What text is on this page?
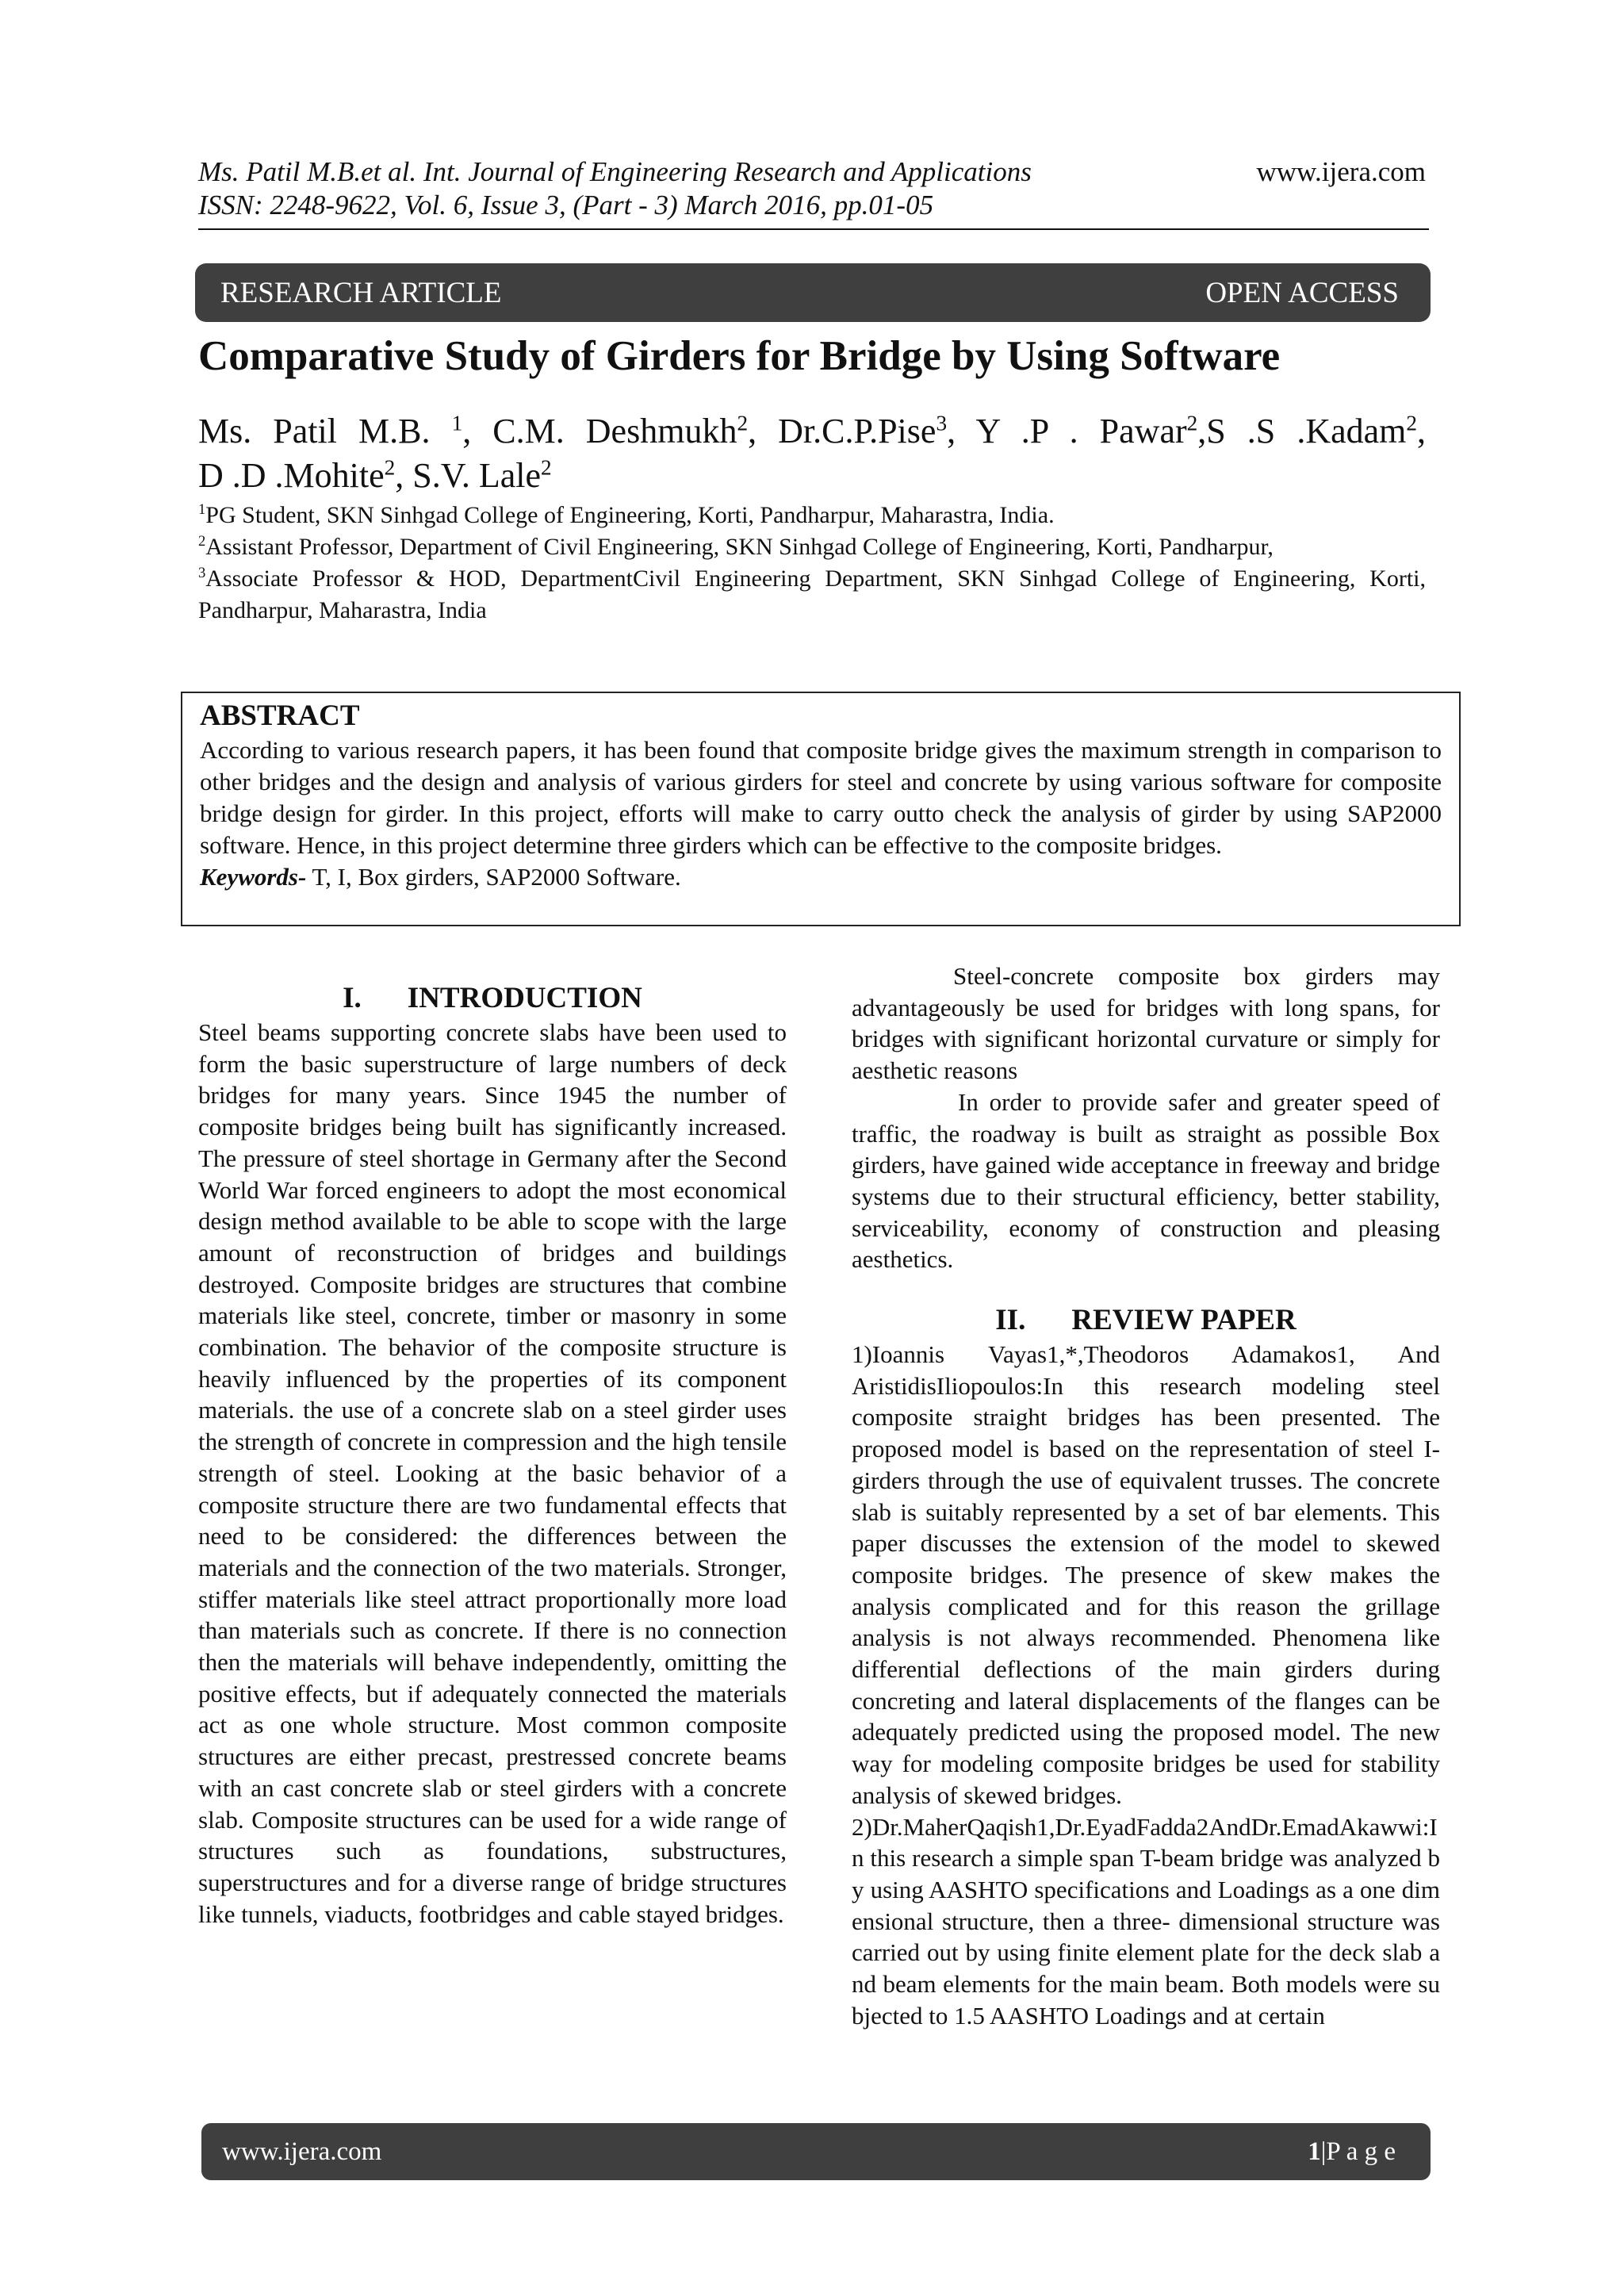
Ms. Patil M.B.et al. Int. Journal of Engineering Research and Applications
ISSN: 2248-9622, Vol. 6, Issue 3, (Part - 3) March 2016, pp.01-05
www.ijera.com
RESEARCH ARTICLE	OPEN ACCESS
Comparative Study of Girders for Bridge by Using Software
Ms. Patil M.B. $^1$, C.M. Deshmukh$^2$, Dr.C.P.Pise$^3$, Y .P . Pawar$^2$,S .S .Kadam$^2$,
D .D .Mohite$^2$, S.V. Lale$^2$

$^1$PG Student, SKN Sinhgad College of Engineering, Korti, Pandharpur, Maharastra, India.

$^2$Assistant Professor, Department of Civil Engineering, SKN Sinhgad College of Engineering, Korti, Pandharpur,

$^3$Associate Professor & HOD, DepartmentCivil Engineering Department, SKN Sinhgad College of Engineering, Korti, Pandharpur, Maharastra, India

ABSTRACT

According to various research papers, it has been found that composite bridge gives the maximum strength in comparison to other bridges and the design and analysis of various girders for steel and concrete by using various software for composite bridge design for girder. In this project, efforts will make to carry outto check the analysis of girder by using SAP2000 software. Hence, in this project determine three girders which can be effective to the composite bridges.

Keywords- T, I, Box girders, SAP2000 Software.

I. INTRODUCTION

Steel beams supporting concrete slabs have been used to form the basic superstructure of large numbers of deck bridges for many years. Since 1945 the number of composite bridges being built has significantly increased. The pressure of steel shortage in Germany after the Second World War forced engineers to adopt the most economical design method available to be able to scope with the large amount of reconstruction of bridges and buildings destroyed. Composite bridges are structures that combine materials like steel, concrete, timber or masonry in some combination. The behavior of the composite structure is heavily influenced by the properties of its component materials. the use of a concrete slab on a steel girder uses the strength of concrete in compression and the high tensile strength of steel. Looking at the basic behavior of a composite structure there are two fundamental effects that need to be considered: the differences between the materials and the connection of the two materials. Stronger, stiffer materials like steel attract proportionally more load than materials such as concrete. If there is no connection then the materials will behave independently, omitting the positive effects, but if adequately connected the materials act as one whole structure. Most common composite structures are either precast, prestressed concrete beams with an cast concrete slab or steel girders with a concrete slab. Composite structures can be used for a wide range of structures such as foundations, substructures, superstructures and for a diverse range of bridge structures like tunnels, viaducts, footbridges and cable stayed bridges.

Steel-concrete composite box girders may advantageously be used for bridges with long spans, for bridges with significant horizontal curvature or simply for aesthetic reasons

In order to provide safer and greater speed of traffic, the roadway is built as straight as possible Box girders, have gained wide acceptance in freeway and bridge systems due to their structural efficiency, better stability, serviceability, economy of construction and pleasing aesthetics.

II. REVIEW PAPER

1)Ioannis Vayas1,*,Theodoros Adamakos1, And AristidisIliopoulos:In this research modeling steel composite straight bridges has been presented. The proposed model is based on the representation of steel I-girders through the use of equivalent trusses. The concrete slab is suitably represented by a set of bar elements. This paper discusses the extension of the model to skewed composite bridges. The presence of skew makes the analysis complicated and for this reason the grillage analysis is not always recommended. Phenomena like differential deflections of the main girders during concreting and lateral displacements of the flanges can be adequately predicted using the proposed model. The new way for modeling composite bridges be used for stability analysis of skewed bridges.

2)Dr.MaherQaqish1,Dr.EyadFadda2AndDr.EmadAkawwi:In this research a simple span T-beam bridge was analyzed by using AASHTO specifications and Loadings as a one dimensional structure, then a three- dimensional structure was carried out by using finite element plate for the deck slab and beam elements for the main beam. Both models were subjected to 1.5 AASHTO Loadings and at certain

www.ijera.com	1|P a g e
